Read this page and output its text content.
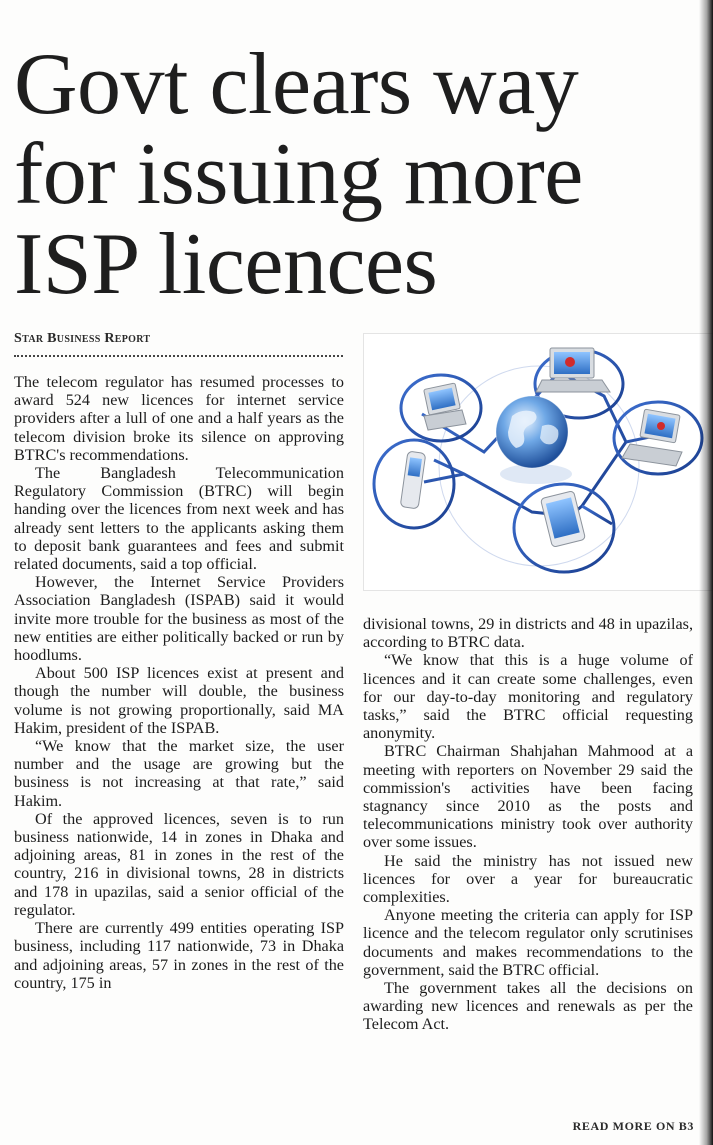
Govt clears way for issuing more ISP licences
Star Business Report

The telecom regulator has resumed processes to award 524 new licences for internet service providers after a lull of one and a half years as the telecom division broke its silence on approving BTRC's recommendations.

The Bangladesh Telecommunication Regulatory Commission (BTRC) will begin handing over the licences from next week and has already sent letters to the applicants asking them to deposit bank guarantees and fees and submit related documents, said a top official.

However, the Internet Service Providers Association Bangladesh (ISPAB) said it would invite more trouble for the business as most of the new entities are either politically backed or run by hoodlums.

About 500 ISP licences exist at present and though the number will double, the business volume is not growing proportionally, said MA Hakim, president of the ISPAB.

“We know that the market size, the user number and the usage are growing but the business is not increasing at that rate,” said Hakim.

Of the approved licences, seven is to run business nationwide, 14 in zones in Dhaka and adjoining areas, 81 in zones in the rest of the country, 216 in divisional towns, 28 in districts and 178 in upazilas, said a senior official of the regulator.

There are currently 499 entities operating ISP business, including 117 nationwide, 73 in Dhaka and adjoining areas, 57 in zones in the rest of the country, 175 in

divisional towns, 29 in districts and 48 in upazilas, according to BTRC data.

“We know that this is a huge volume of licences and it can create some challenges, even for our day-to-day monitoring and regulatory tasks,” said the BTRC official requesting anonymity.

BTRC Chairman Shahjahan Mahmood at a meeting with reporters on November 29 said the commission's activities have been facing stagnancy since 2010 as the posts and telecommunications ministry took over authority over some issues.

He said the ministry has not issued new licences for over a year for bureaucratic complexities.

Anyone meeting the criteria can apply for ISP licence and the telecom regulator only scrutinises documents and makes recommendations to the government, said the BTRC official.

The government takes all the decisions on awarding new licences and renewals as per the Telecom Act.

READ MORE ON B3
